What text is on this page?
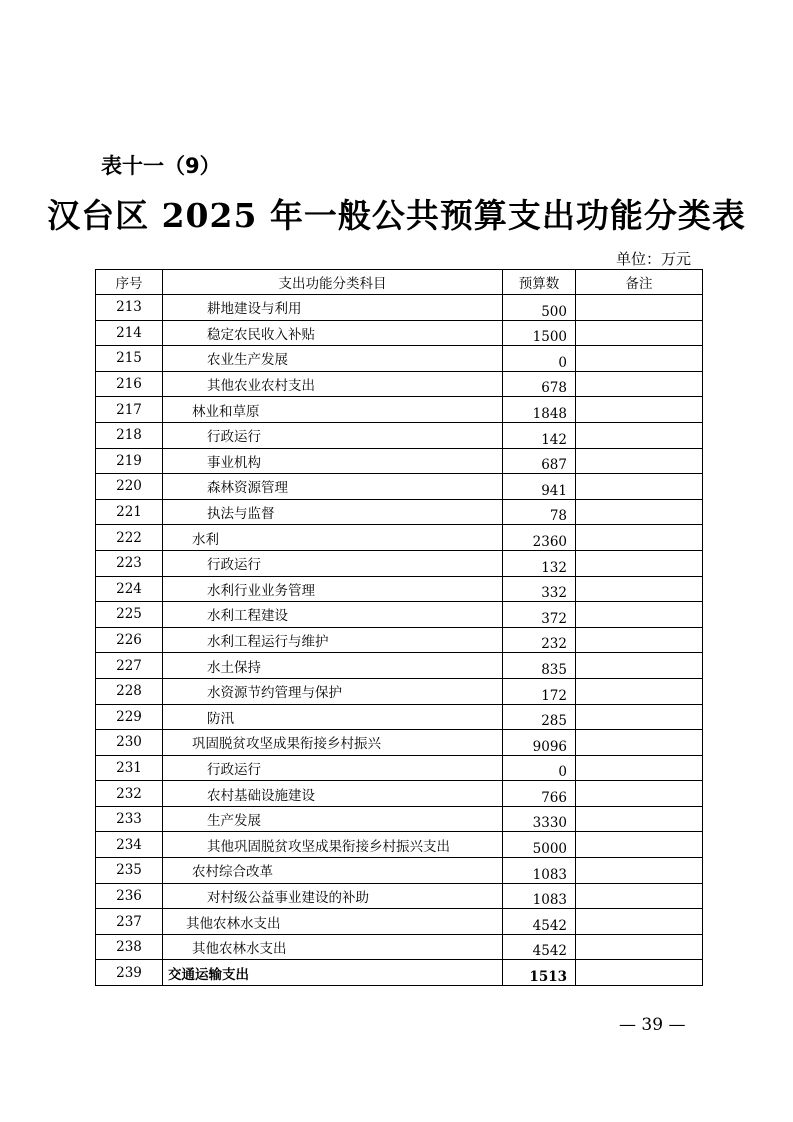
表十一（9）
汉台区 2025 年一般公共预算支出功能分类表
单位：万元
序号	支出功能分类科目	预算数	备注
213	耕地建设与利用	500	
214	稳定农民收入补贴	1500	
215	农业生产发展	0	
216	其他农业农村支出	678	
217	林业和草原	1848	
218	行政运行	142	
219	事业机构	687	
220	森林资源管理	941	
221	执法与监督	78	
222	水利	2360	
223	行政运行	132	
224	水利行业业务管理	332	
225	水利工程建设	372	
226	水利工程运行与维护	232	
227	水土保持	835	
228	水资源节约管理与保护	172	
229	防汛	285	
230	巩固脱贫攻坚成果衔接乡村振兴	9096	
231	行政运行	0	
232	农村基础设施建设	766	
233	生产发展	3330	
234	其他巩固脱贫攻坚成果衔接乡村振兴支出	5000	
235	农村综合改革	1083	
236	对村级公益事业建设的补助	1083	
237	其他农林水支出	4542	
238	其他农林水支出	4542	
239	交通运输支出	1513	
— 39 —
